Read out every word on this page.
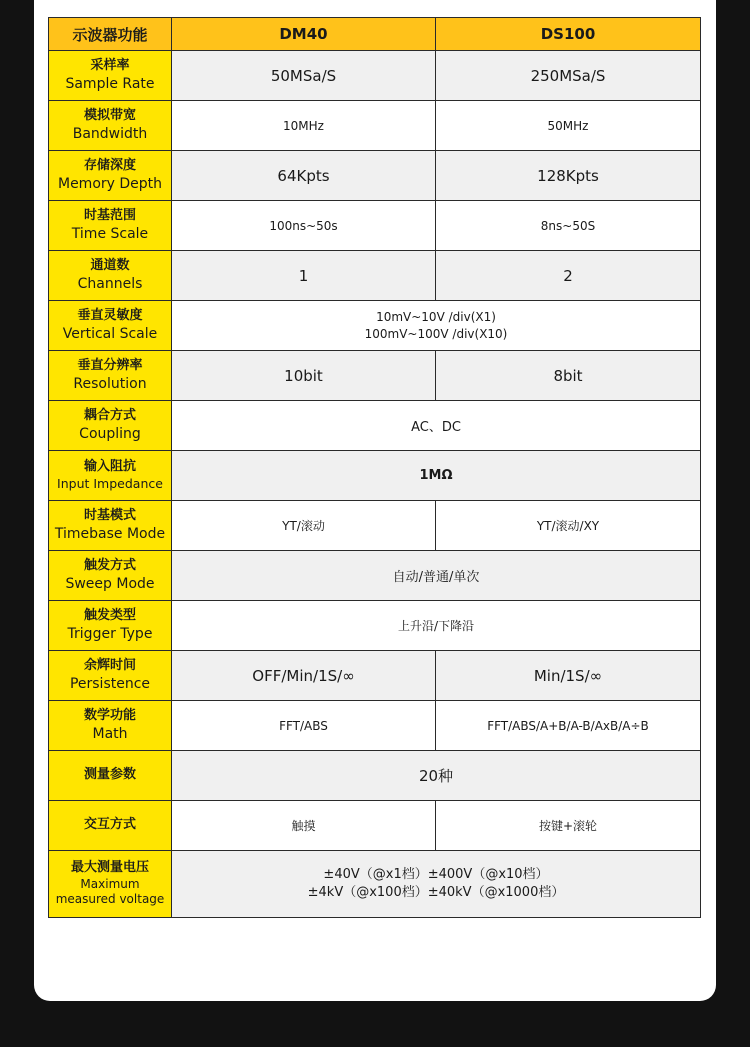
示波器功能	DM40	DS100

采样率
Sample Rate	50MSa/S	250MSa/S

模拟带宽
Bandwidth	10MHz	50MHz

存储深度
Memory Depth	64Kpts	128Kpts

时基范围
Time Scale	100ns~50s	8ns~50S

通道数
Channels	1	2

垂直灵敏度
Vertical Scale	10mV~10V /div(X1)
100mV~100V /div(X10)	

垂直分辨率
Resolution	10bit	8bit

耦合方式
Coupling	AC、DC	

输入阻抗
Input Impedance	1MΩ	

时基模式
Timebase Mode	YT/滚动	YT/滚动/XY

触发方式
Sweep Mode	自动/普通/单次	

触发类型
Trigger Type	上升沿/下降沿	

余辉时间
Persistence	OFF/Min/1S/∞	Min/1S/∞

数学功能
Math	FFT/ABS	FFT/ABS/A+B/A-B/AxB/A÷B

测量参数	20种	

交互方式	触摸	按键+滚轮

最大测量电压
Maximum
measured voltage	±40V（@x1档）±400V（@x10档）
±4kV（@x100档）±40kV（@x1000档）	
